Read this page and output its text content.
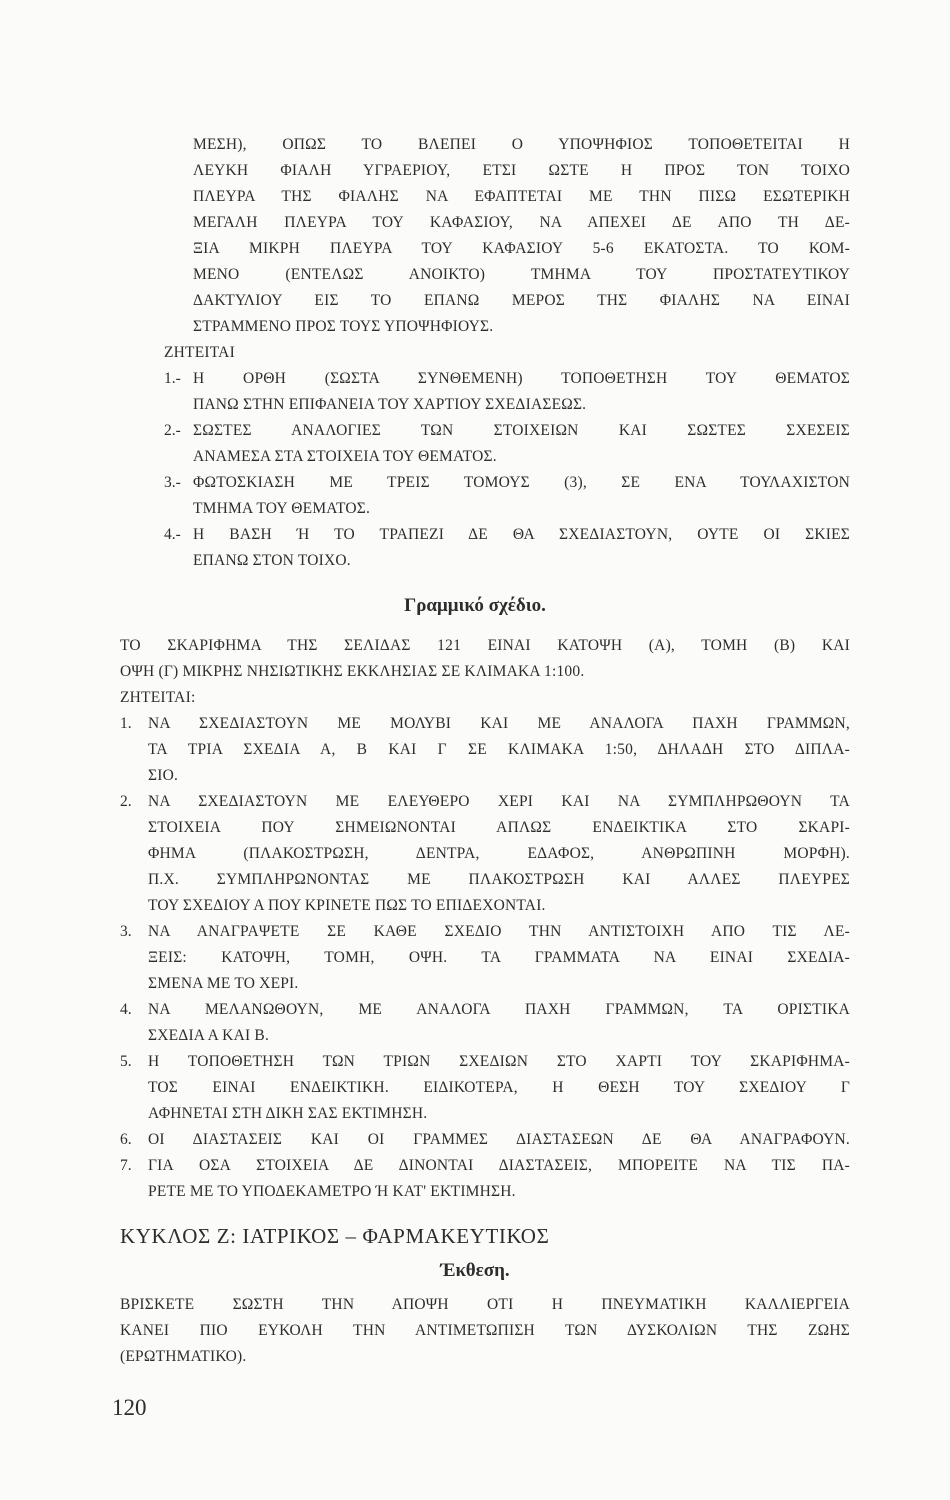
ΜΕΣΗ), ΟΠΩΣ ΤΟ ΒΛΕΠΕΙ Ο ΥΠΟΨΗΦΙΟΣ ΤΟΠΟΘΕΤΕΙΤΑΙ Η
ΛΕΥΚΗ ΦΙΑΛΗ ΥΓΡΑΕΡΙΟΥ, ΕΤΣΙ ΩΣΤΕ Η ΠΡΟΣ ΤΟΝ ΤΟΙΧΟ
ΠΛΕΥΡΑ ΤΗΣ ΦΙΑΛΗΣ ΝΑ ΕΦΑΠΤΕΤΑΙ ΜΕ ΤΗΝ ΠΙΣΩ ΕΣΩΤΕΡΙΚΗ
ΜΕΓΑΛΗ ΠΛΕΥΡΑ ΤΟΥ ΚΑΦΑΣΙΟΥ, ΝΑ ΑΠΕΧΕΙ ΔΕ ΑΠΟ ΤΗ ΔΕ-
ΞΙΑ ΜΙΚΡΗ ΠΛΕΥΡΑ ΤΟΥ ΚΑΦΑΣΙΟΥ 5-6 ΕΚΑΤΟΣΤΑ. ΤΟ ΚΟΜ-
ΜΕΝΟ (ΕΝΤΕΛΩΣ ΑΝΟΙΚΤΟ) ΤΜΗΜΑ ΤΟΥ ΠΡΟΣΤΑΤΕΥΤΙΚΟΥ
ΔΑΚΤΥΛΙΟΥ ΕΙΣ ΤΟ ΕΠΑΝΩ ΜΕΡΟΣ ΤΗΣ ΦΙΑΛΗΣ ΝΑ ΕΙΝΑΙ
ΣΤΡΑΜΜΕΝΟ ΠΡΟΣ ΤΟΥΣ ΥΠΟΨΗΦΙΟΥΣ.
ΖΗΤΕΙΤΑΙ
1.- Η ΟΡΘΗ (ΣΩΣΤΑ ΣΥΝΘΕΜΕΝΗ) ΤΟΠΟΘΕΤΗΣΗ ΤΟΥ ΘΕΜΑΤΟΣ
ΠΑΝΩ ΣΤΗΝ ΕΠΙΦΑΝΕΙΑ ΤΟΥ ΧΑΡΤΙΟΥ ΣΧΕΔΙΑΣΕΩΣ.
2.- ΣΩΣΤΕΣ ΑΝΑΛΟΓΙΕΣ ΤΩΝ ΣΤΟΙΧΕΙΩΝ ΚΑΙ ΣΩΣΤΕΣ ΣΧΕΣΕΙΣ
ΑΝΑΜΕΣΑ ΣΤΑ ΣΤΟΙΧΕΙΑ ΤΟΥ ΘΕΜΑΤΟΣ.
3.- ΦΩΤΟΣΚΙΑΣΗ ΜΕ ΤΡΕΙΣ ΤΟΜΟΥΣ (3), ΣΕ ΕΝΑ ΤΟΥΛΑΧΙΣΤΟΝ
ΤΜΗΜΑ ΤΟΥ ΘΕΜΑΤΟΣ.
4.- Η ΒΑΣΗ Ή ΤΟ ΤΡΑΠΕΖΙ ΔΕ ΘΑ ΣΧΕΔΙΑΣΤΟΥΝ, ΟΥΤΕ ΟΙ ΣΚΙΕΣ
ΕΠΑΝΩ ΣΤΟΝ ΤΟΙΧΟ.
Γραμμικό σχέδιο.
ΤΟ ΣΚΑΡΙΦΗΜΑ ΤΗΣ ΣΕΛΙΔΑΣ 121 ΕΙΝΑΙ ΚΑΤΟΨΗ (Α), ΤΟΜΗ (Β) ΚΑΙ
ΟΨΗ (Γ) ΜΙΚΡΗΣ ΝΗΣΙΩΤΙΚΗΣ ΕΚΚΛΗΣΙΑΣ ΣΕ ΚΛΙΜΑΚΑ 1:100.
ΖΗΤΕΙΤΑΙ:
1. ΝΑ ΣΧΕΔΙΑΣΤΟΥΝ ΜΕ ΜΟΛΥΒΙ ΚΑΙ ΜΕ ΑΝΑΛΟΓΑ ΠΑΧΗ ΓΡΑΜΜΩΝ,
ΤΑ ΤΡΙΑ ΣΧΕΔΙΑ Α, Β ΚΑΙ Γ ΣΕ ΚΛΙΜΑΚΑ 1:50, ΔΗΛΑΔΗ ΣΤΟ ΔΙΠΛΑ-
ΣΙΟ.
2. ΝΑ ΣΧΕΔΙΑΣΤΟΥΝ ΜΕ ΕΛΕΥΘΕΡΟ ΧΕΡΙ ΚΑΙ ΝΑ ΣΥΜΠΛΗΡΩΘΟΥΝ ΤΑ
ΣΤΟΙΧΕΙΑ ΠΟΥ ΣΗΜΕΙΩΝΟΝΤΑΙ ΑΠΛΩΣ ΕΝΔΕΙΚΤΙΚΑ ΣΤΟ ΣΚΑΡΙ-
ΦΗΜΑ (ΠΛΑΚΟΣΤΡΩΣΗ, ΔΕΝΤΡΑ, ΕΔΑΦΟΣ, ΑΝΘΡΩΠΙΝΗ ΜΟΡΦΗ).
Π.Χ. ΣΥΜΠΛΗΡΩΝΟΝΤΑΣ ΜΕ ΠΛΑΚΟΣΤΡΩΣΗ ΚΑΙ ΑΛΛΕΣ ΠΛΕΥΡΕΣ
ΤΟΥ ΣΧΕΔΙΟΥ Α ΠΟΥ ΚΡΙΝΕΤΕ ΠΩΣ ΤΟ ΕΠΙΔΕΧΟΝΤΑΙ.
3. ΝΑ ΑΝΑΓΡΑΨΕΤΕ ΣΕ ΚΑΘΕ ΣΧΕΔΙΟ ΤΗΝ ΑΝΤΙΣΤΟΙΧΗ ΑΠΟ ΤΙΣ ΛΕ-
ΞΕΙΣ: ΚΑΤΟΨΗ, ΤΟΜΗ, ΟΨΗ. ΤΑ ΓΡΑΜΜΑΤΑ ΝΑ ΕΙΝΑΙ ΣΧΕΔΙΑ-
ΣΜΕΝΑ ΜΕ ΤΟ ΧΕΡΙ.
4. ΝΑ ΜΕΛΑΝΩΘΟΥΝ, ΜΕ ΑΝΑΛΟΓΑ ΠΑΧΗ ΓΡΑΜΜΩΝ, ΤΑ ΟΡΙΣΤΙΚΑ
ΣΧΕΔΙΑ Α ΚΑΙ Β.
5. Η ΤΟΠΟΘΕΤΗΣΗ ΤΩΝ ΤΡΙΩΝ ΣΧΕΔΙΩΝ ΣΤΟ ΧΑΡΤΙ ΤΟΥ ΣΚΑΡΙΦΗΜΑ-
ΤΟΣ ΕΙΝΑΙ ΕΝΔΕΙΚΤΙΚΗ. ΕΙΔΙΚΟΤΕΡΑ, Η ΘΕΣΗ ΤΟΥ ΣΧΕΔΙΟΥ Γ
ΑΦΗΝΕΤΑΙ ΣΤΗ ΔΙΚΗ ΣΑΣ ΕΚΤΙΜΗΣΗ.
6. ΟΙ ΔΙΑΣΤΑΣΕΙΣ ΚΑΙ ΟΙ ΓΡΑΜΜΕΣ ΔΙΑΣΤΑΣΕΩΝ ΔΕ ΘΑ ΑΝΑΓΡΑΦΟΥΝ.
7. ΓΙΑ ΟΣΑ ΣΤΟΙΧΕΙΑ ΔΕ ΔΙΝΟΝΤΑΙ ΔΙΑΣΤΑΣΕΙΣ, ΜΠΟΡΕΙΤΕ ΝΑ ΤΙΣ ΠΑ-
ΡΕΤΕ ΜΕ ΤΟ ΥΠΟΔΕΚΑΜΕΤΡΟ Ή ΚΑΤ' ΕΚΤΙΜΗΣΗ.
ΚΥΚΛΟΣ Ζ: ΙΑΤΡΙΚΟΣ – ΦΑΡΜΑΚΕΥΤΙΚΟΣ
Έκθεση.
ΒΡΙΣΚΕΤΕ ΣΩΣΤΗ ΤΗΝ ΑΠΟΨΗ ΟΤΙ Η ΠΝΕΥΜΑΤΙΚΗ ΚΑΛΛΙΕΡΓΕΙΑ
ΚΑΝΕΙ ΠΙΟ ΕΥΚΟΛΗ ΤΗΝ ΑΝΤΙΜΕΤΩΠΙΣΗ ΤΩΝ ΔΥΣΚΟΛΙΩΝ ΤΗΣ ΖΩΗΣ
(ΕΡΩΤΗΜΑΤΙΚΟ).
120
